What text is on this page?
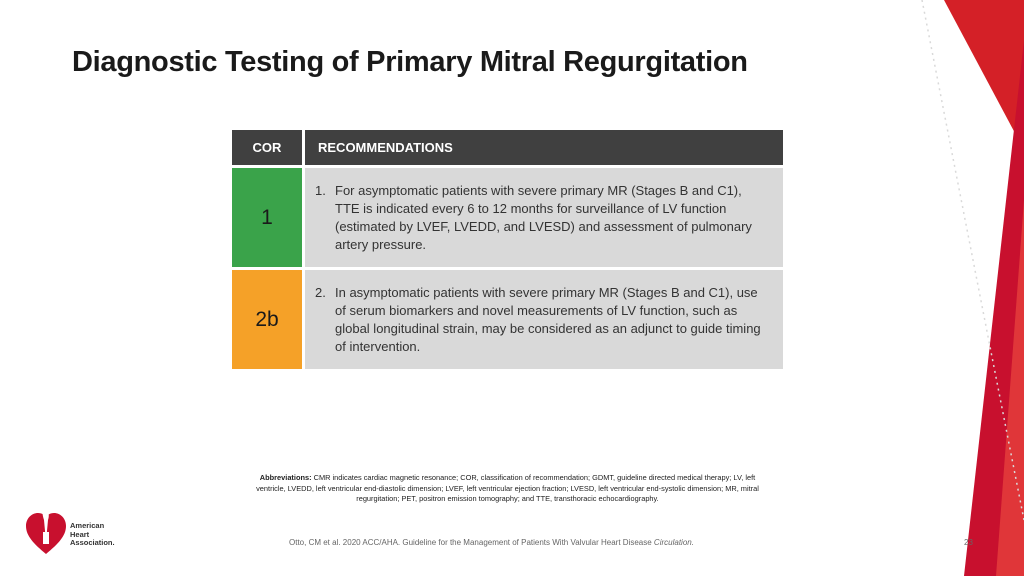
Diagnostic Testing of Primary Mitral Regurgitation
COR	RECOMMENDATIONS
1	1. For asymptomatic patients with severe primary MR (Stages B and C1), TTE is indicated every 6 to 12 months for surveillance of LV function (estimated by LVEF, LVEDD, and LVESD) and assessment of pulmonary artery pressure.

2b	2. In asymptomatic patients with severe primary MR (Stages B and C1), use of serum biomarkers and novel measurements of LV function, such as global longitudinal strain, may be considered as an adjunct to guide timing of intervention.
Abbreviations: CMR indicates cardiac magnetic resonance; COR, classification of recommendation; GDMT, guideline directed medical therapy; LV, left ventricle, LVEDD, left ventricular end-diastolic dimension; LVEF, left ventricular ejection fraction; LVESD, left ventricular end-systolic dimension; MR, mitral regurgitation; PET, positron emission tomography; and TTE, transthoracic echocardiography.
American
Heart
Association.	Otto, CM et al. 2020 ACC/AHA. Guideline for the Management of Patients With Valvular Heart Disease Circulation.	23
